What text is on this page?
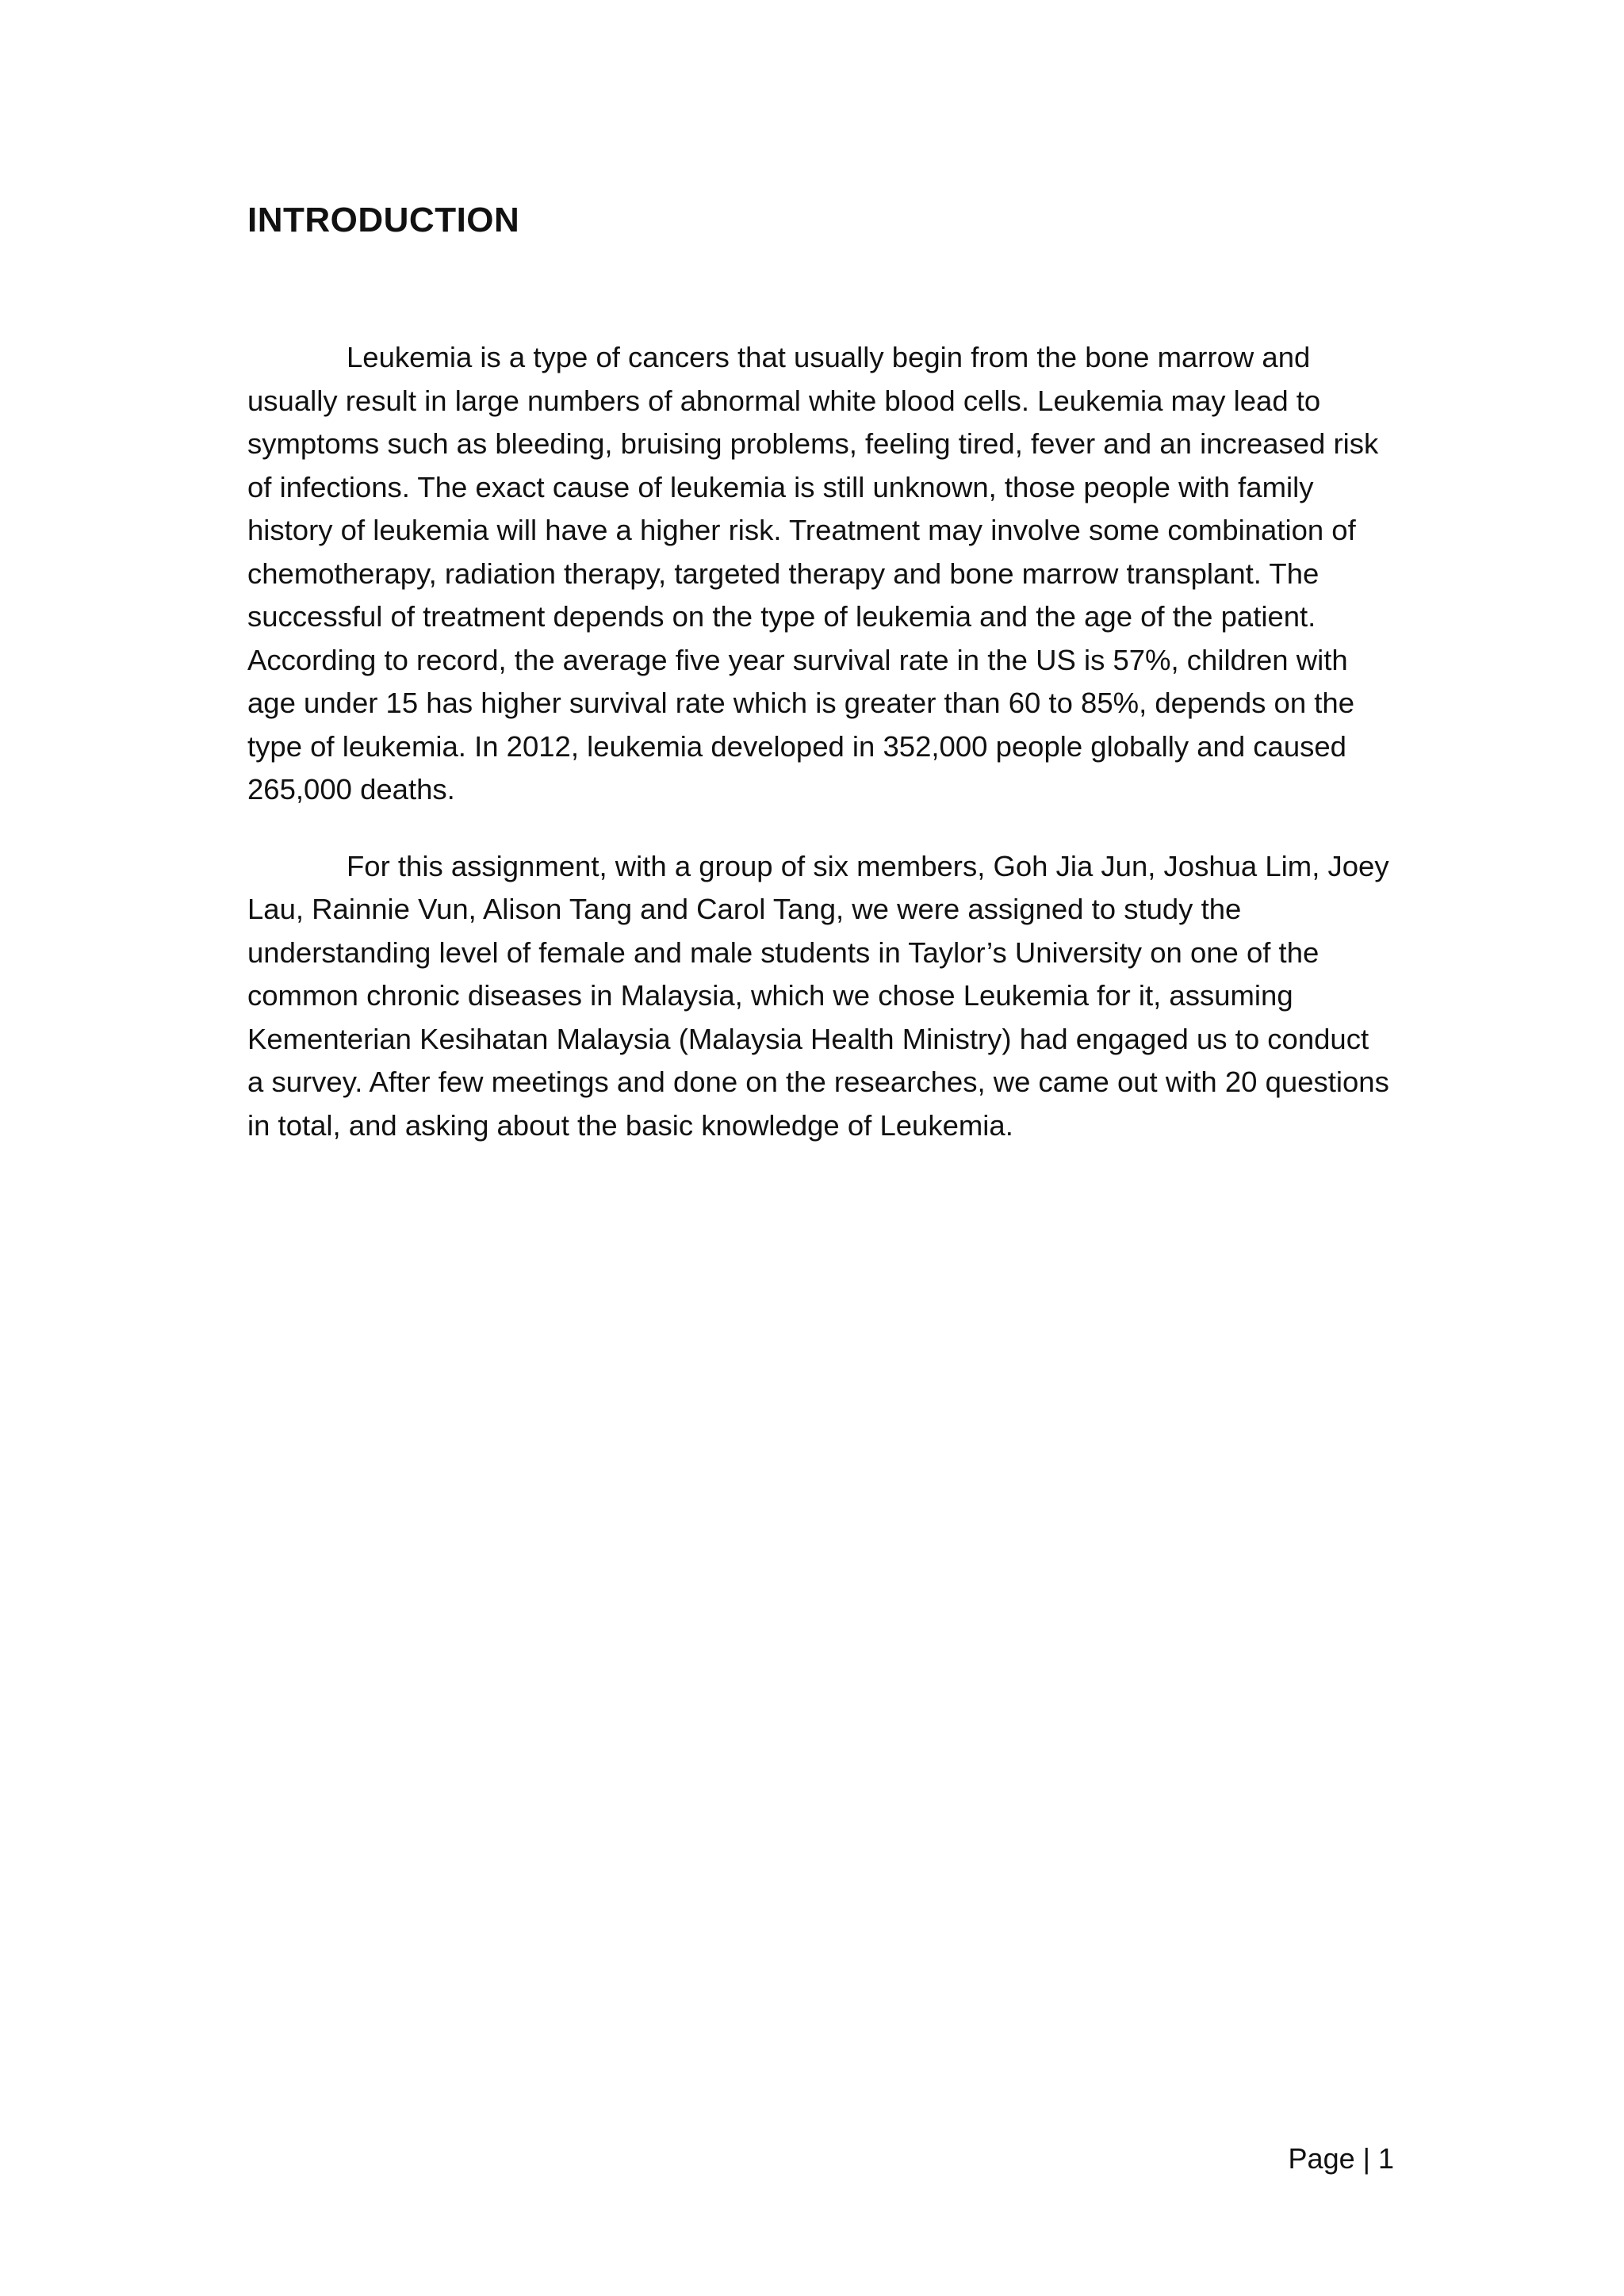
INTRODUCTION

Leukemia is a type of cancers that usually begin from the bone marrow and usually result in large numbers of abnormal white blood cells. Leukemia may lead to symptoms such as bleeding, bruising problems, feeling tired, fever and an increased risk of infections. The exact cause of leukemia is still unknown, those people with family history of leukemia will have a higher risk. Treatment may involve some combination of chemotherapy, radiation therapy, targeted therapy and bone marrow transplant. The successful of treatment depends on the type of leukemia and the age of the patient. According to record, the average five year survival rate in the US is 57%, children with age under 15 has higher survival rate which is greater than 60 to 85%, depends on the type of leukemia. In 2012, leukemia developed in 352,000 people globally and caused 265,000 deaths.

For this assignment, with a group of six members, Goh Jia Jun, Joshua Lim, Joey Lau, Rainnie Vun, Alison Tang and Carol Tang, we were assigned to study the understanding level of female and male students in Taylor’s University on one of the common chronic diseases in Malaysia, which we chose Leukemia for it, assuming Kementerian Kesihatan Malaysia (Malaysia Health Ministry) had engaged us to conduct a survey. After few meetings and done on the researches, we came out with 20 questions in total, and asking about the basic knowledge of Leukemia.

Page | 1
